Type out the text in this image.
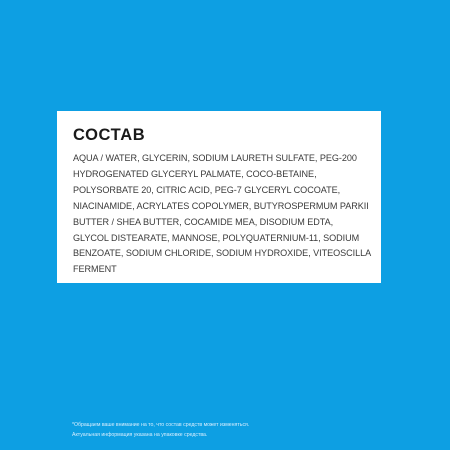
СОСТАВ
AQUA / WATER, GLYCERIN, SODIUM LAURETH SULFATE, PEG-200
HYDROGENATED GLYCERYL PALMATE, COCO-BETAINE,
POLYSORBATE 20, CITRIC ACID, PEG-7 GLYCERYL COCOATE,
NIACINAMIDE, ACRYLATES COPOLYMER, BUTYROSPERMUM PARKII
BUTTER / SHEA BUTTER, COCAMIDE MEA, DISODIUM EDTA,
GLYCOL DISTEARATE, MANNOSE, POLYQUATERNIUM-11, SODIUM
BENZOATE, SODIUM CHLORIDE, SODIUM HYDROXIDE, VITEOSCILLA
FERMENT
*Обращаем ваше внимание на то, что состав средств может изменяться.
Актуальная информация указана на упаковке средства.
